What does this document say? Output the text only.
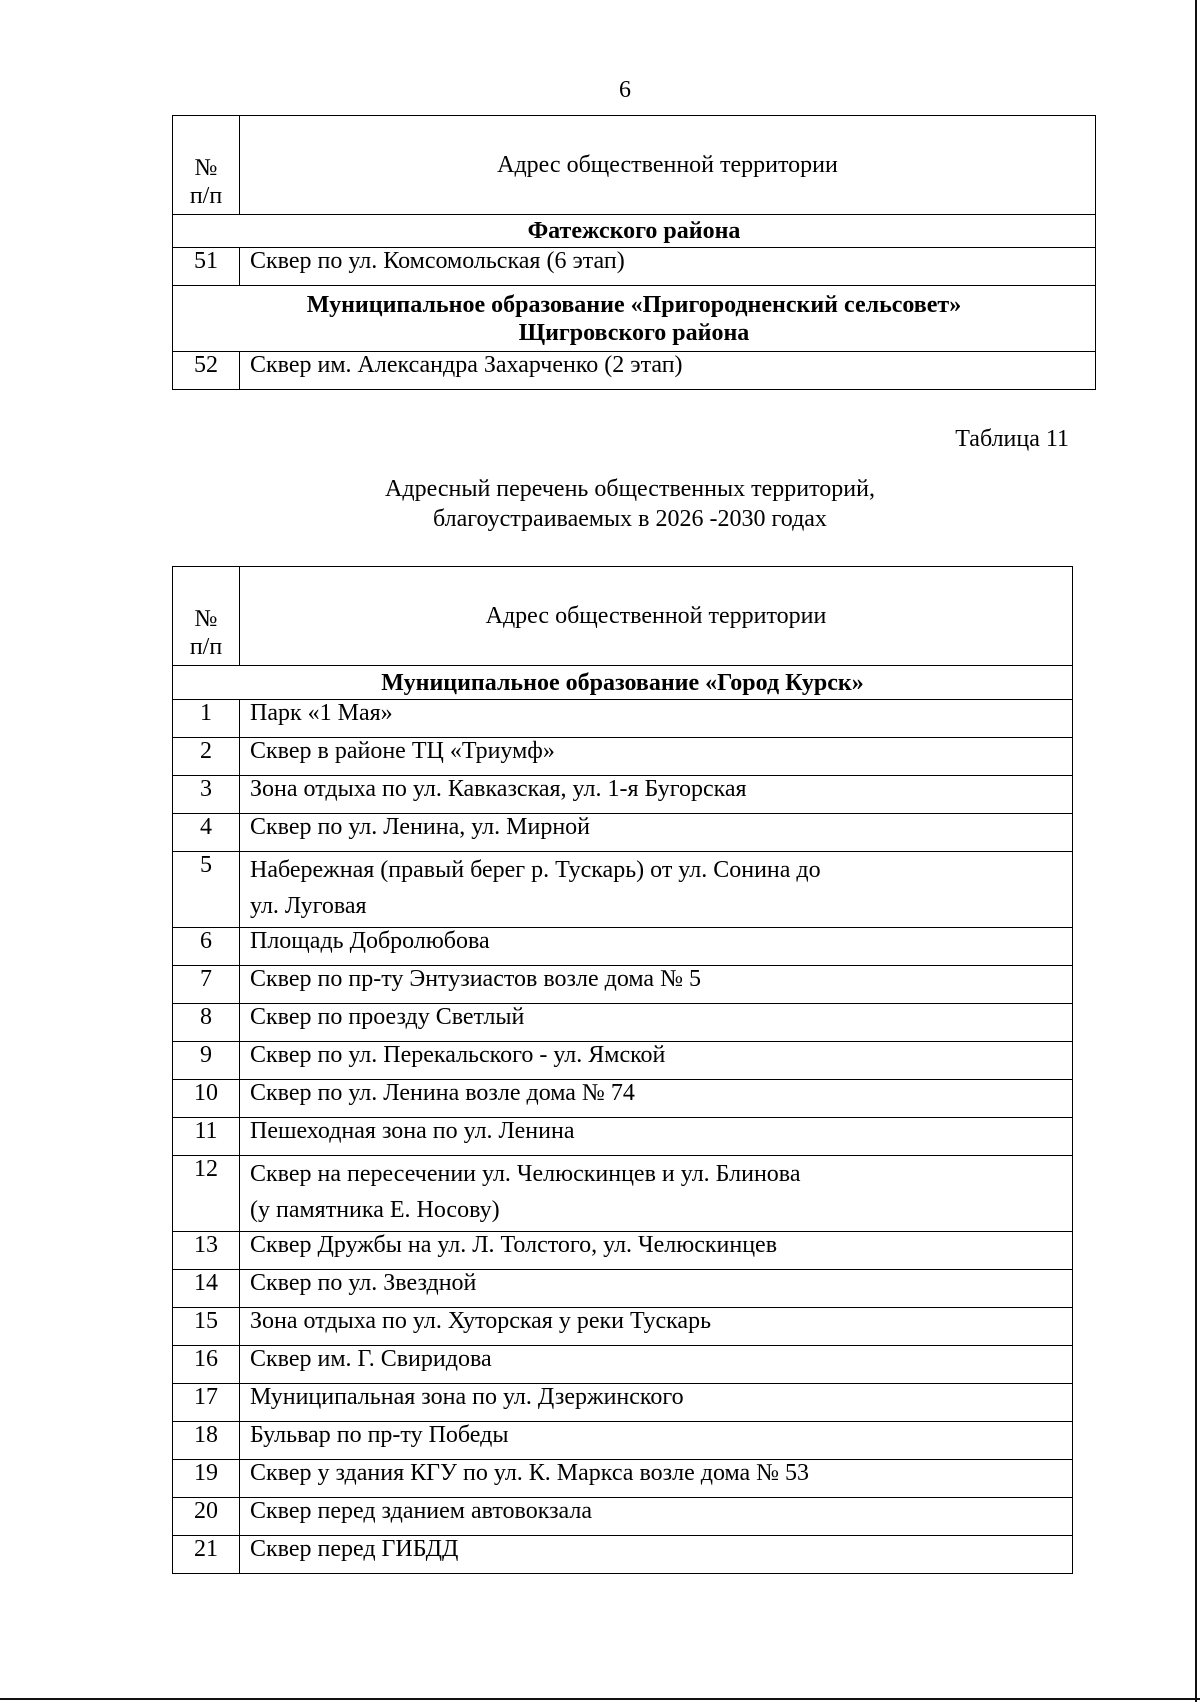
6
№
п/п	Адрес общественной территории
Фатежского района	
51	Сквер по ул. Комсомольская (6 этап)

Муниципальное образование «Пригородненский сельсовет»
Щигровского района	

52	Сквер им. Александра Захарченко (2 этап)
Таблица 11
Адресный перечень общественных территорий,
благоустраиваемых в 2026 -2030 годах
№
п/п	Адрес общественной территории
Муниципальное образование «Город Курск»	
1	Парк «1 Мая»

2	Сквер в районе ТЦ «Триумф»

3	Зона отдыха по ул. Кавказская, ул. 1-я Бугорская

4	Сквер по ул. Ленина, ул. Мирной

5	Набережная (правый берег р. Тускарь) от ул. Сонина до
ул. Луговая

6	Площадь Добролюбова

7	Сквер по пр-ту Энтузиастов возле дома № 5

8	Сквер по проезду Светлый

9	Сквер по ул. Перекальского - ул. Ямской

10	Сквер по ул. Ленина возле дома № 74

11	Пешеходная зона по ул. Ленина

12	Сквер на пересечении ул. Челюскинцев и ул. Блинова
(у памятника Е. Носову)

13	Сквер Дружбы на ул. Л. Толстого, ул. Челюскинцев

14	Сквер по ул. Звездной

15	Зона отдыха по ул. Хуторская у реки Тускарь

16	Сквер им. Г. Свиридова

17	Муниципальная зона по ул. Дзержинского

18	Бульвар по пр-ту Победы

19	Сквер у здания КГУ по ул. К. Маркса возле дома № 53

20	Сквер перед зданием автовокзала

21	Сквер перед ГИБДД
